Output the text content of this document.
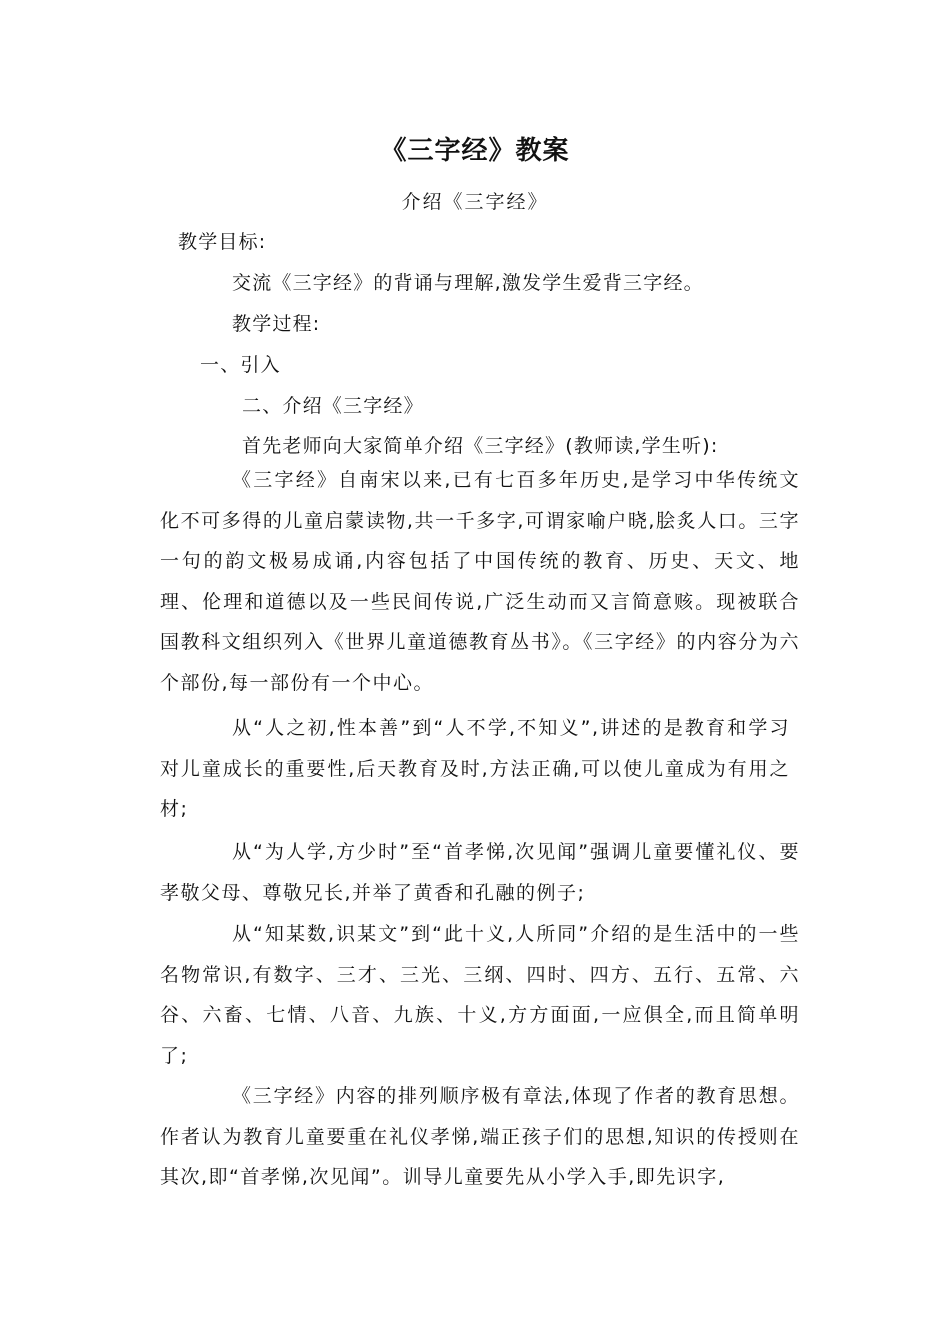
《三字经》教案
介绍《三字经》
教学目标:
交流《三字经》的背诵与理解,激发学生爱背三字经。
教学过程:
一、引入
二、介绍《三字经》
首先老师向大家简单介绍《三字经》(教师读,学生听):

《三字经》自南宋以来,已有七百多年历史,是学习中华传统文化不可多得的儿童启蒙读物,共一千多字,可谓家喻户晓,脍炙人口。三字一句的韵文极易成诵,内容包括了中国传统的教育、历史、天文、地理、伦理和道德以及一些民间传说,广泛生动而又言简意赅。现被联合国教科文组织列入《世界儿童道德教育丛书》。《三字经》的内容分为六个部份,每一部份有一个中心。

从“人之初,性本善”到“人不学,不知义”,讲述的是教育和学习对儿童成长的重要性,后天教育及时,方法正确,可以使儿童成为有用之材;

从“为人学,方少时”至“首孝悌,次见闻”强调儿童要懂礼仪、要孝敬父母、尊敬兄长,并举了黄香和孔融的例子;

从“知某数,识某文”到“此十义,人所同”介绍的是生活中的一些名物常识,有数字、三才、三光、三纲、四时、四方、五行、五常、六谷、六畜、七情、八音、九族、十义,方方面面,一应俱全,而且简单明了;

《三字经》内容的排列顺序极有章法,体现了作者的教育思想。作者认为教育儿童要重在礼仪孝悌,端正孩子们的思想,知识的传授则在其次,即“首孝悌,次见闻”。训导儿童要先从小学入手,即先识字,
